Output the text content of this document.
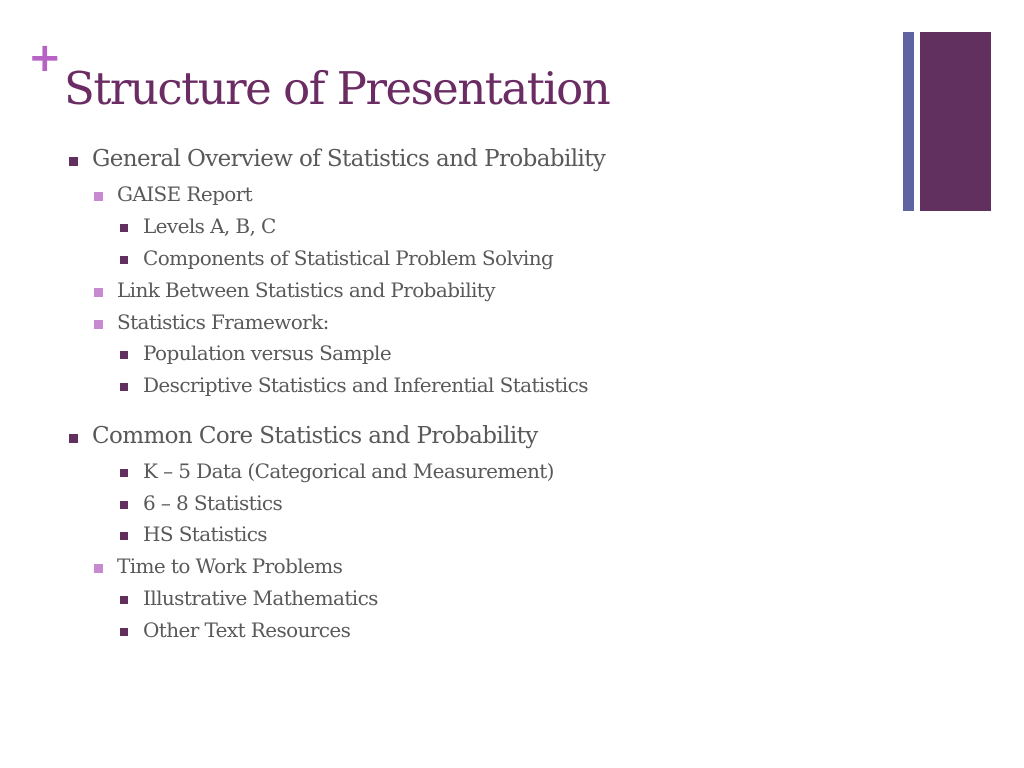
+
Structure of Presentation
General Overview of Statistics and Probability
GAISE Report
Levels A, B, C
Components of Statistical Problem Solving
Link Between Statistics and Probability
Statistics Framework:
Population versus Sample
Descriptive Statistics and Inferential Statistics
Common Core Statistics and Probability
K – 5 Data (Categorical and Measurement)
6 – 8 Statistics
HS Statistics
Time to Work Problems
Illustrative Mathematics
Other Text Resources
